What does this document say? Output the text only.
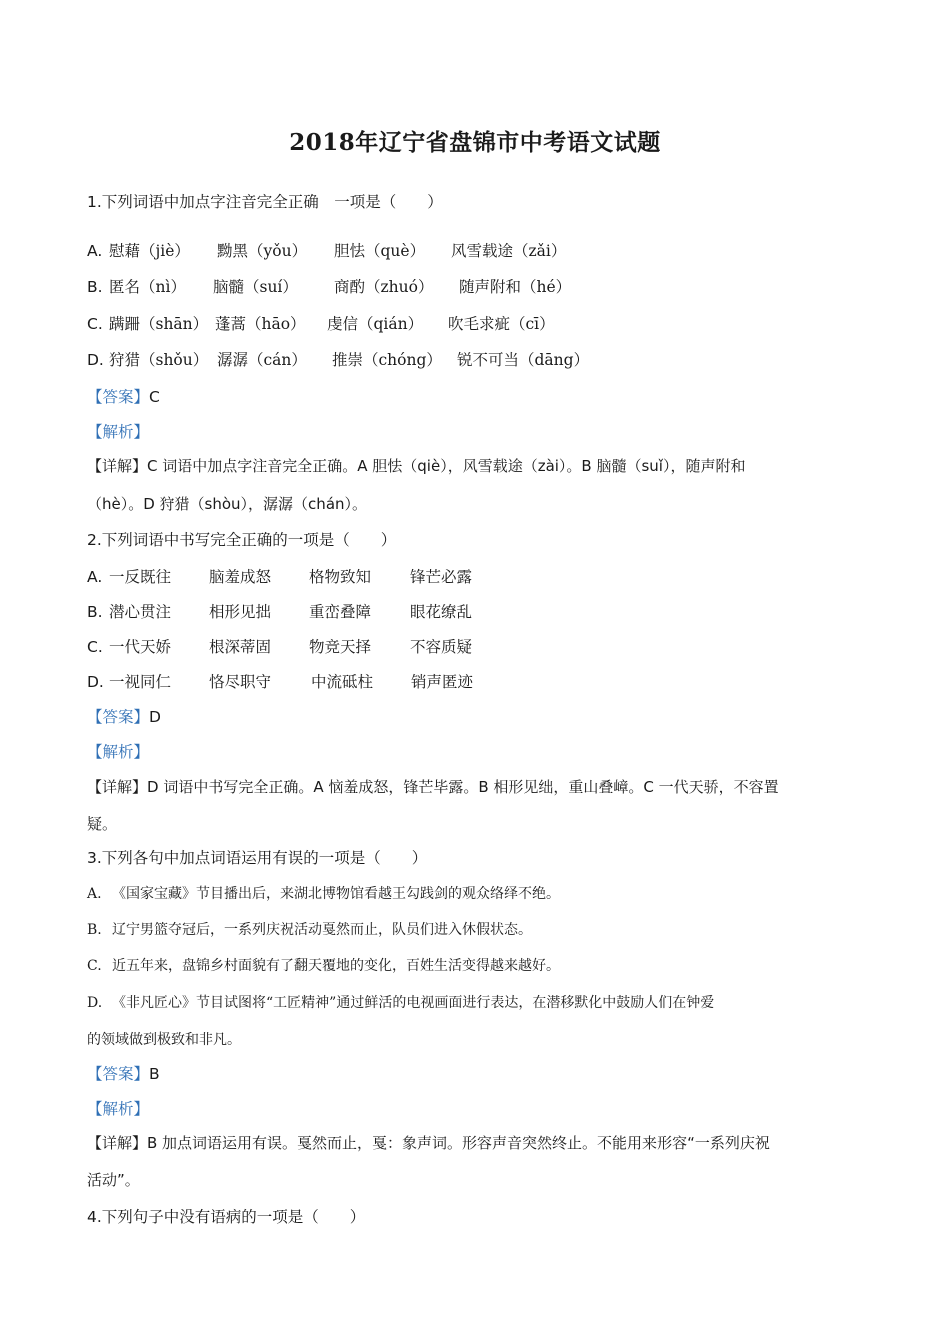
2018年辽宁省盘锦市中考语文试题
1.下列词语中加点字注音完全正确　一项是（　　）
A. 慰藉（jiè） 黝黑（yǒu） 胆怯（què） 风雪载途（zǎi）
B. 匿名（nì） 脑髓（suí） 商酌（zhuó） 随声附和（hé）
C. 蹒跚（shān） 蓬蒿（hāo） 虔信（qián） 吹毛求疵（cī）
D. 狩猎（shǒu） 潺潺（cán） 推崇（chóng） 锐不可当（dāng）
【答案】C
【解析】
【详解】C 词语中加点字注音完全正确。A 胆怯（qiè），风雪载途（zài）。B 脑髓（suǐ），随声附和
（hè）。D 狩猎（shòu），潺潺（chán）。
2.下列词语中书写完全正确的一项是（　　）
A. 一反既往 脑羞成怒 格物致知	锋芒必露
B. 潜心贯注 相形见拙 重峦叠障	眼花缭乱
C. 一代天娇 根深蒂固 物竞天择	不容质疑
D. 一视同仁 恪尽职守	中流砥柱 销声匿迹
【答案】D
【解析】
【详解】D 词语中书写完全正确。A 恼羞成怒，锋芒毕露。B 相形见绌，重山叠嶂。C 一代天骄，不容置
疑。
3.下列各句中加点词语运用有误的一项是（　　）
A. 《国家宝藏》节目播出后，来湖北博物馆看越王勾践剑的观众络绎不绝。
B. 辽宁男篮夺冠后，一系列庆祝活动戛然而止，队员们进入休假状态。
C. 近五年来，盘锦乡村面貌有了翻天覆地的变化，百姓生活变得越来越好。
D. 《非凡匠心》节目试图将“工匠精神”通过鲜活的电视画面进行表达，在潜移默化中鼓励人们在钟爱
的领域做到极致和非凡。
【答案】B
【解析】
【详解】B 加点词语运用有误。戛然而止，戛：象声词。形容声音突然终止。不能用来形容“一系列庆祝
活动”。
4.下列句子中没有语病的一项是（　　）
